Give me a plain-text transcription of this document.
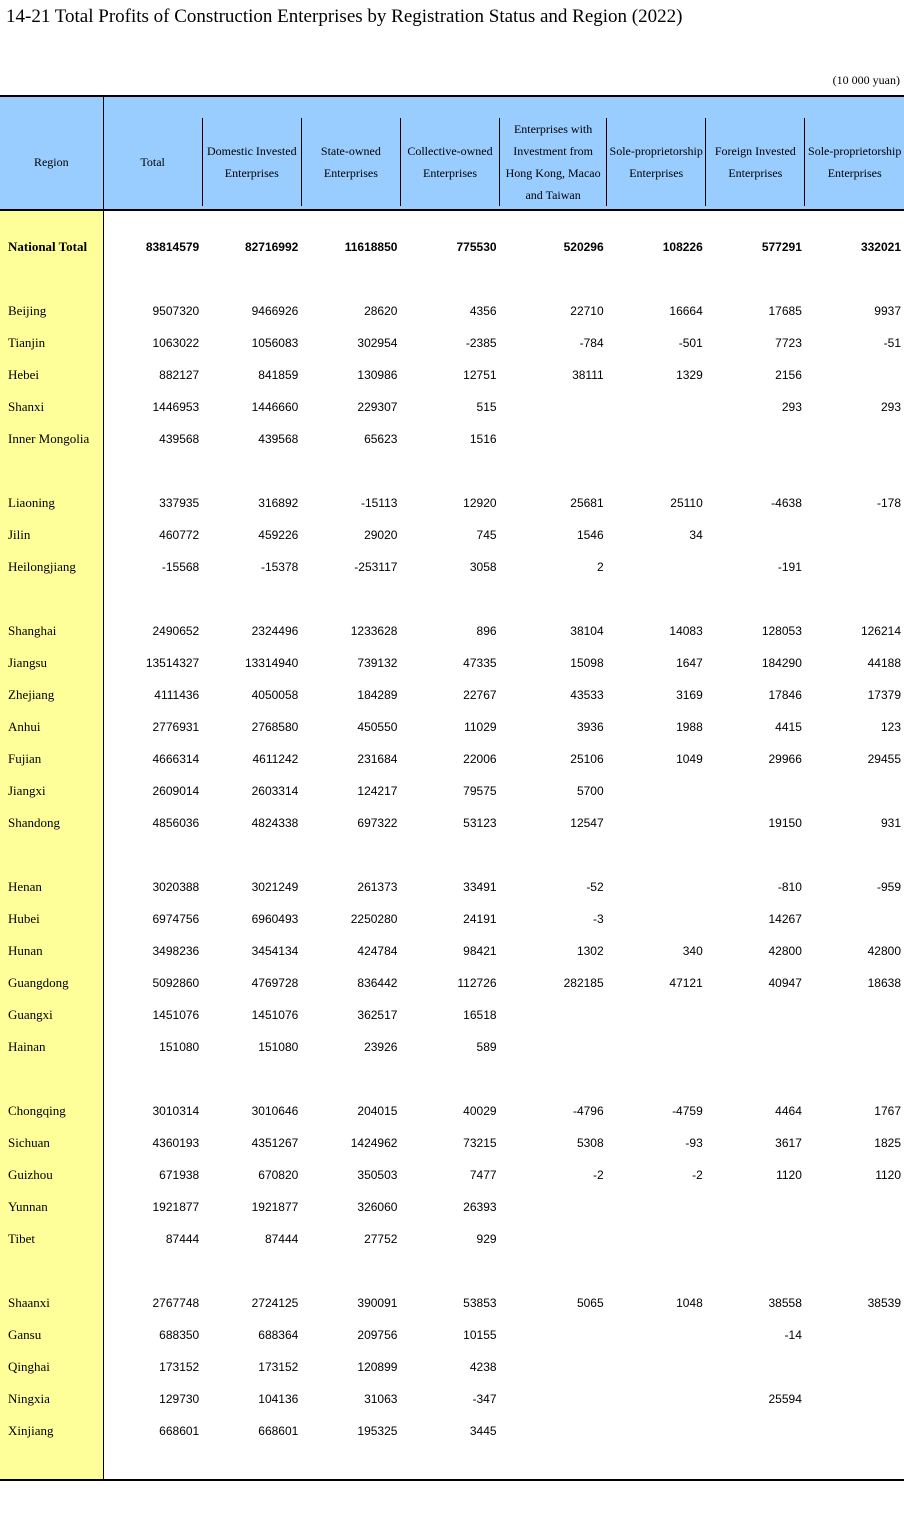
14-21 Total Profits of Construction Enterprises by Registration Status and Region (2022)
(10 000 yuan)

Region	Total	Domestic Invested Enterprises	State-owned Enterprises	Collective-owned Enterprises	Enterprises with Investment from Hong Kong, Macao and Taiwan	Sole-proprietorship Enterprises	Foreign Invested Enterprises	Sole-proprietorship Enterprises

National Total	83814579	82716992	11618850	775530	520296	108226	577291	332021

Beijing	9507320	9466926	28620	4356	22710	16664	17685	9937
Tianjin	1063022	1056083	302954	-2385	-784	-501	7723	-51
Hebei	882127	841859	130986	12751	38111	1329	2156	
Shanxi	1446953	1446660	229307	515			293	293
Inner Mongolia	439568	439568	65623	1516				

Liaoning	337935	316892	-15113	12920	25681	25110	-4638	-178
Jilin	460772	459226	29020	745	1546	34		
Heilongjiang	-15568	-15378	-253117	3058	2		-191	

Shanghai	2490652	2324496	1233628	896	38104	14083	128053	126214
Jiangsu	13514327	13314940	739132	47335	15098	1647	184290	44188
Zhejiang	4111436	4050058	184289	22767	43533	3169	17846	17379
Anhui	2776931	2768580	450550	11029	3936	1988	4415	123
Fujian	4666314	4611242	231684	22006	25106	1049	29966	29455
Jiangxi	2609014	2603314	124217	79575	5700			
Shandong	4856036	4824338	697322	53123	12547		19150	931

Henan	3020388	3021249	261373	33491	-52		-810	-959
Hubei	6974756	6960493	2250280	24191	-3		14267	
Hunan	3498236	3454134	424784	98421	1302	340	42800	42800
Guangdong	5092860	4769728	836442	112726	282185	47121	40947	18638
Guangxi	1451076	1451076	362517	16518				
Hainan	151080	151080	23926	589				

Chongqing	3010314	3010646	204015	40029	-4796	-4759	4464	1767
Sichuan	4360193	4351267	1424962	73215	5308	-93	3617	1825
Guizhou	671938	670820	350503	7477	-2	-2	1120	1120
Yunnan	1921877	1921877	326060	26393				
Tibet	87444	87444	27752	929				

Shaanxi	2767748	2724125	390091	53853	5065	1048	38558	38539
Gansu	688350	688364	209756	10155			-14	
Qinghai	173152	173152	120899	4238				
Ningxia	129730	104136	31063	-347			25594	
Xinjiang	668601	668601	195325	3445				
